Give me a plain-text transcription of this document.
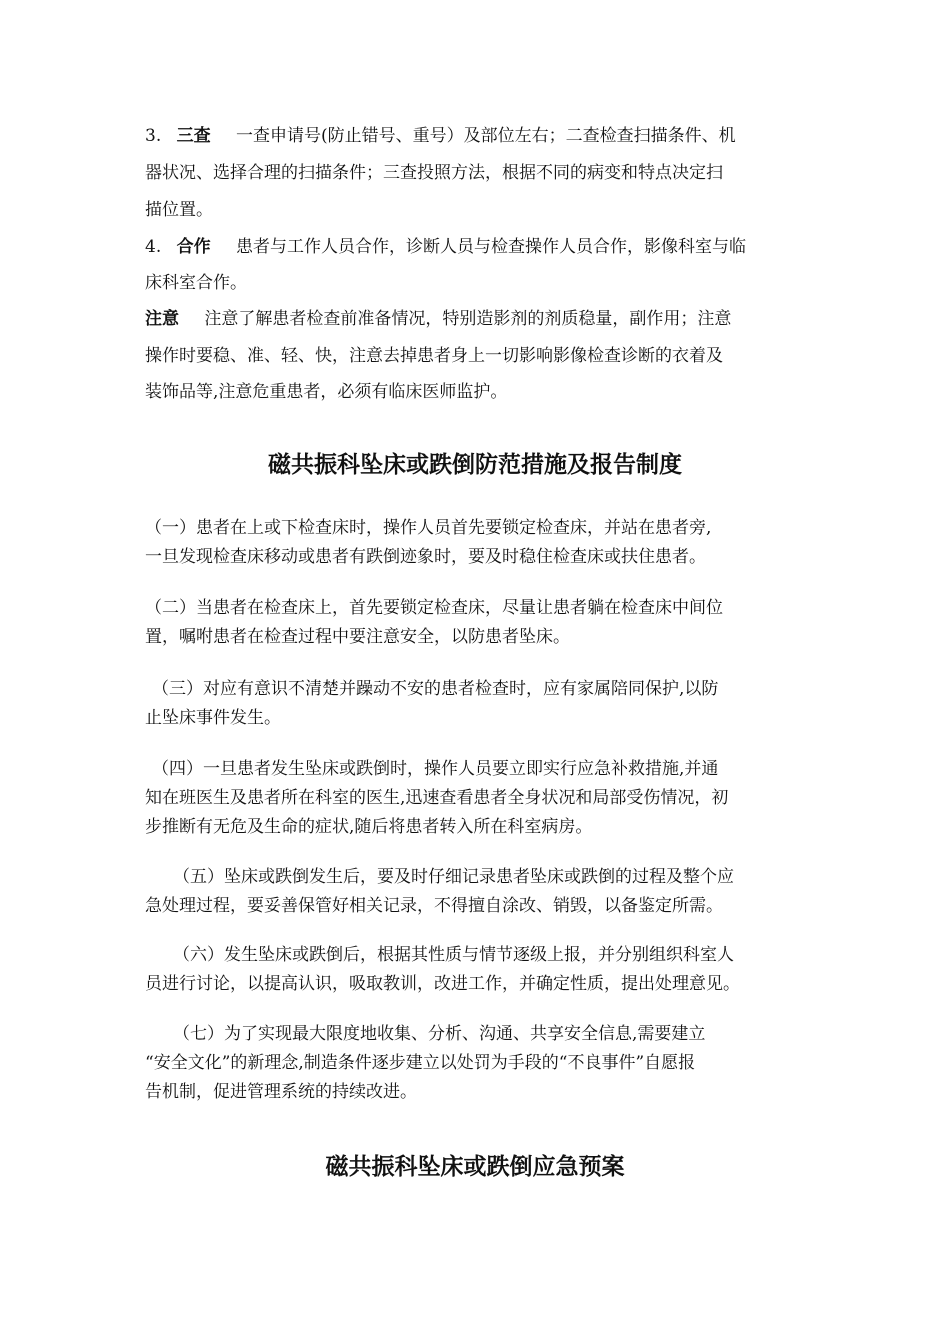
3. 三查 一查申请号(防止错号、重号）及部位左右；二查检查扫描条件、机
器状况、选择合理的扫描条件；三查投照方法，根据不同的病变和特点决定扫
描位置。
4. 合作 患者与工作人员合作，诊断人员与检查操作人员合作，影像科室与临
床科室合作。
注意 注意了解患者检查前准备情况，特别造影剂的剂质稳量，副作用；注意
操作时要稳、准、轻、快，注意去掉患者身上一切影响影像检查诊断的衣着及
装饰品等,注意危重患者，必须有临床医师监护。
磁共振科坠床或跌倒防范措施及报告制度
（一）患者在上或下检查床时，操作人员首先要锁定检查床，并站在患者旁,
一旦发现检查床移动或患者有跌倒迹象时，要及时稳住检查床或扶住患者。
（二）当患者在检查床上，首先要锁定检查床，尽量让患者躺在检查床中间位
置，嘱咐患者在检查过程中要注意安全，以防患者坠床。
（三）对应有意识不清楚并躁动不安的患者检查时，应有家属陪同保护,以防
止坠床事件发生。
（四）一旦患者发生坠床或跌倒时，操作人员要立即实行应急补救措施,并通
知在班医生及患者所在科室的医生,迅速查看患者全身状况和局部受伤情况，初
步推断有无危及生命的症状,随后将患者转入所在科室病房。
（五）坠床或跌倒发生后，要及时仔细记录患者坠床或跌倒的过程及整个应
急处理过程，要妥善保管好相关记录，不得擅自涂改、销毁，以备鉴定所需。
（六）发生坠床或跌倒后，根据其性质与情节逐级上报，并分别组织科室人
员进行讨论，以提高认识，吸取教训，改进工作，并确定性质，提出处理意见。
（七）为了实现最大限度地收集、分析、沟通、共享安全信息,需要建立
“安全文化”的新理念,制造条件逐步建立以处罚为手段的“不良事件”自愿报
告机制，促进管理系统的持续改进。
磁共振科坠床或跌倒应急预案
